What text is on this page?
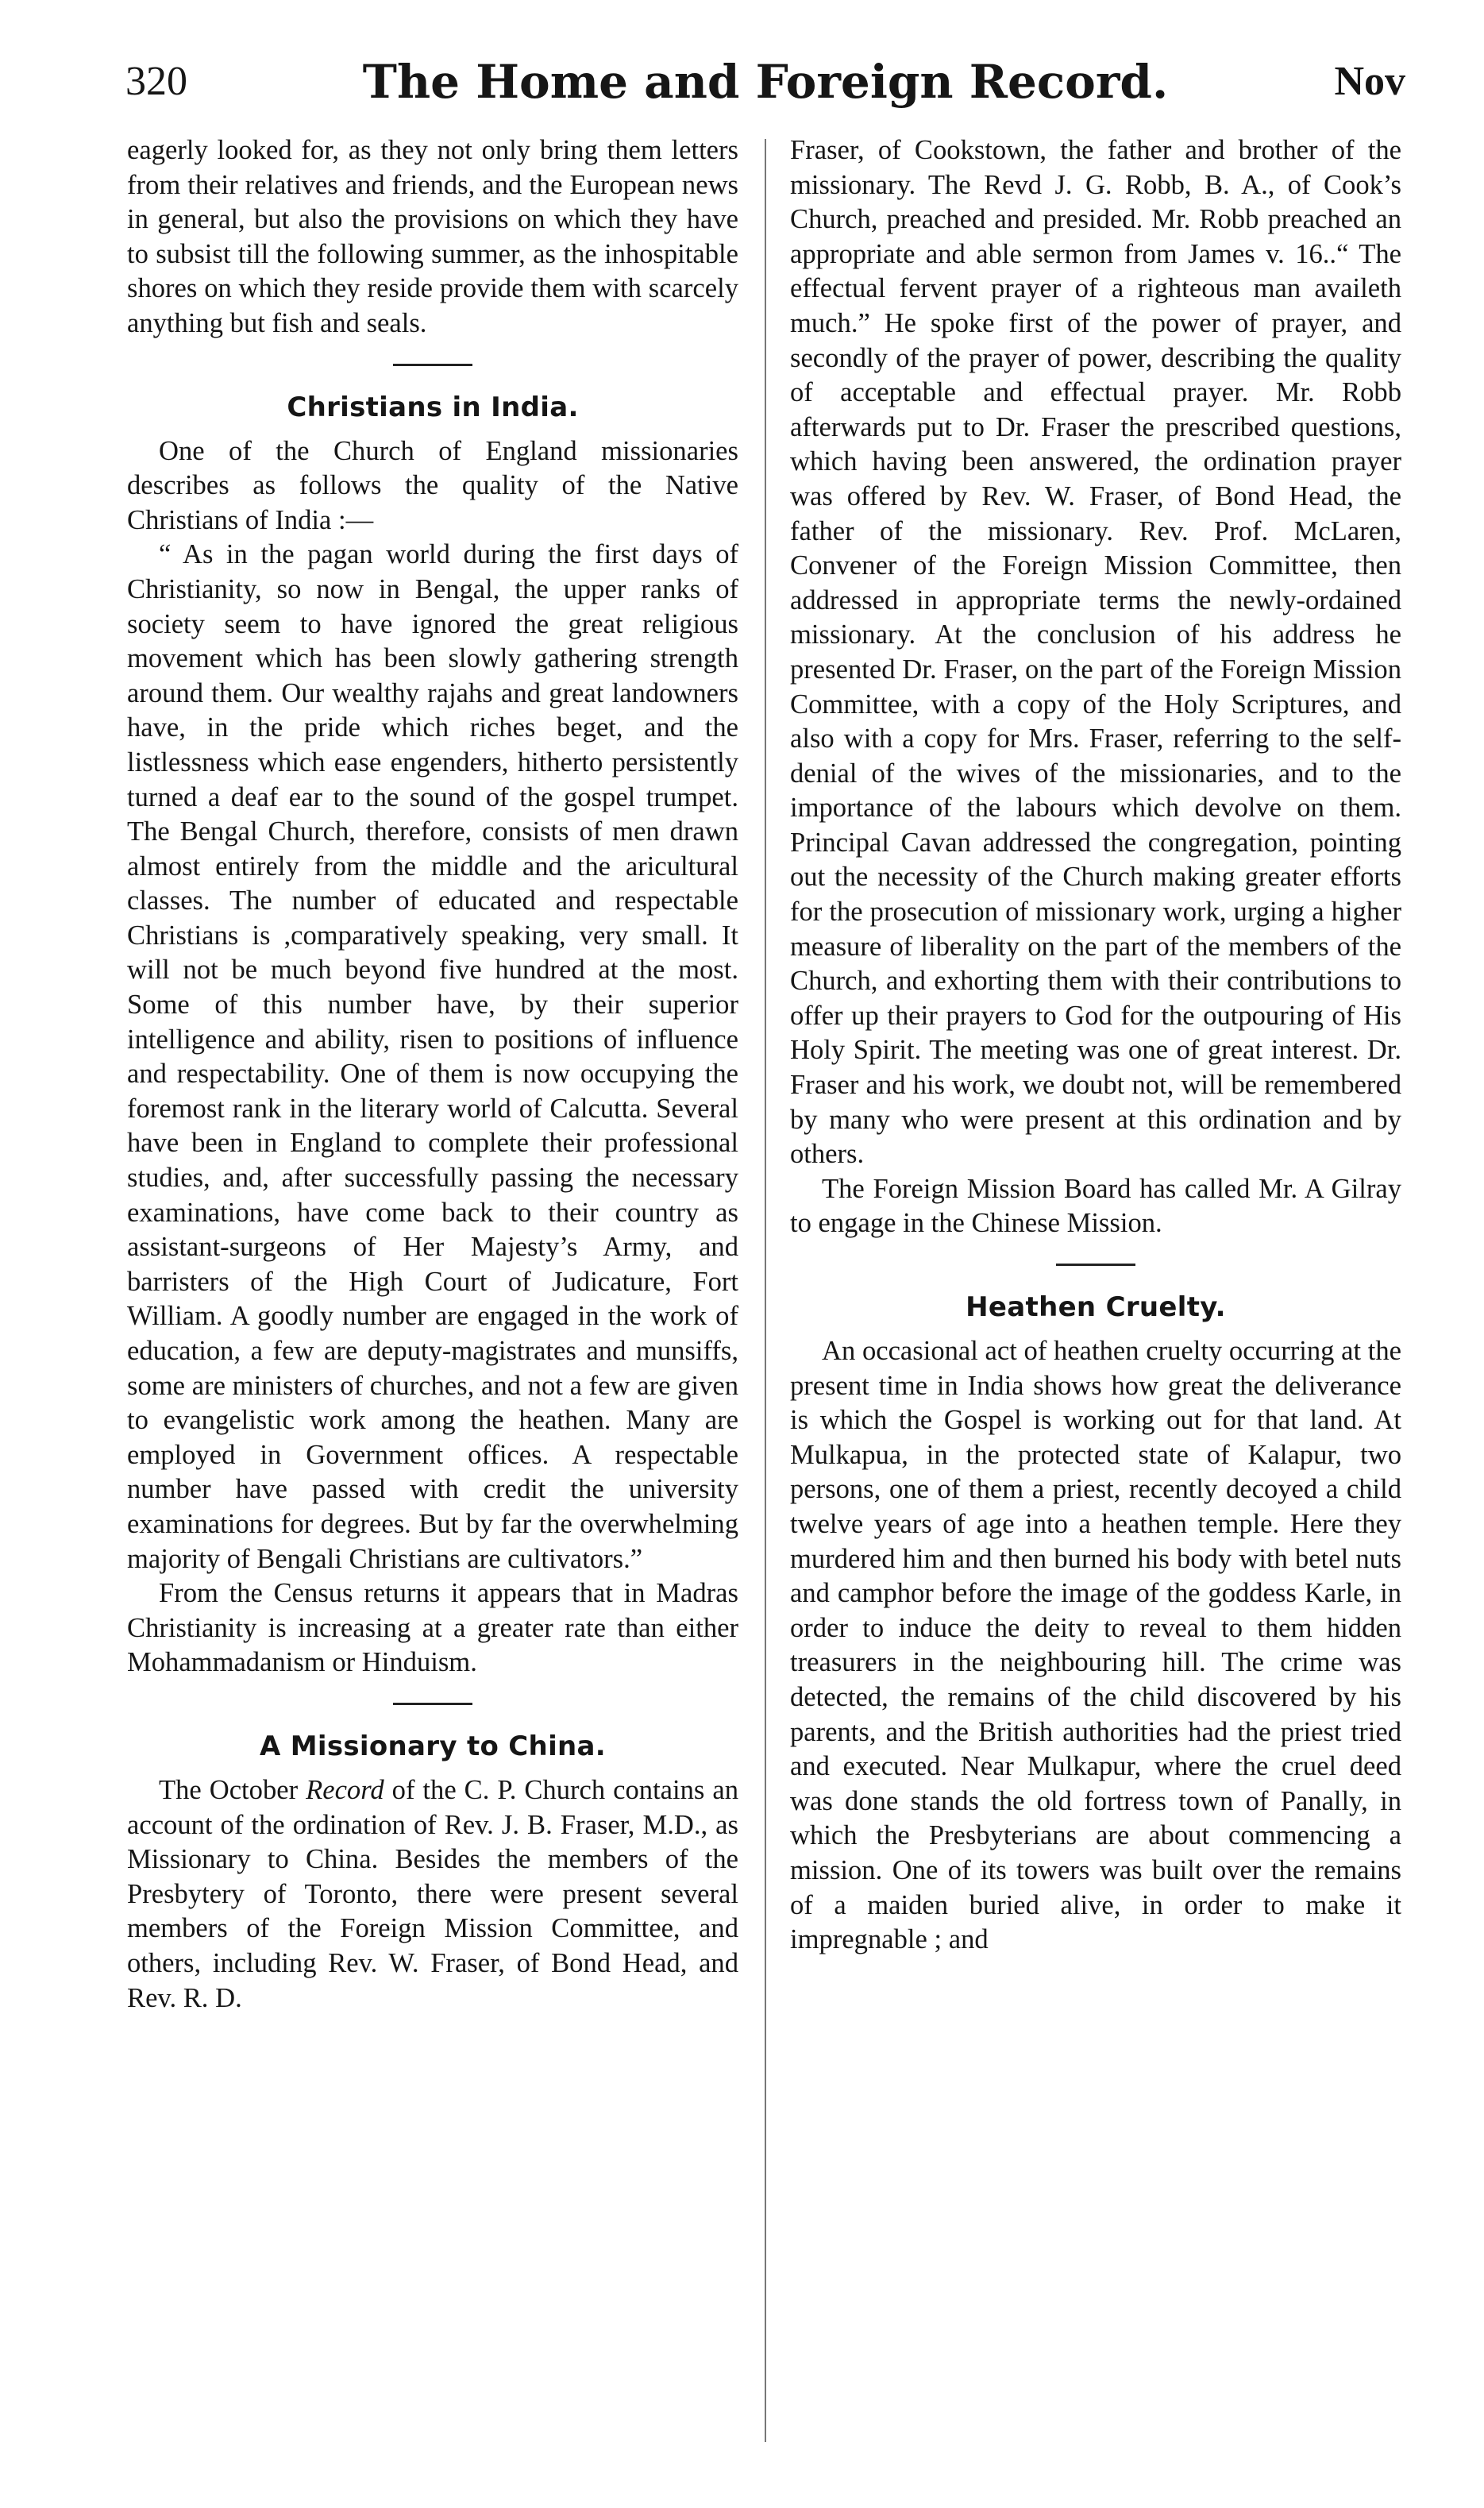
320	The Home and Foreign Record.	Nov

eagerly looked for, as they not only bring them letters from their relatives and friends, and the European news in general, but also the provisions on which they have to subsist till the following summer, as the inhospitable shores on which they reside provide them with scarcely anything but fish and seals.

Christians in India.

One of the Church of England missionaries describes as follows the quality of the Native Christians of India :—

“ As in the pagan world during the first days of Christianity, so now in Bengal, the upper ranks of society seem to have ignored the great religious movement which has been slowly gathering strength around them. Our wealthy rajahs and great landowners have, in the pride which riches beget, and the listlessness which ease engenders, hitherto persistently turned a deaf ear to the sound of the gospel trumpet. The Bengal Church, therefore, consists of men drawn almost entirely from the middle and the aricultural classes. The number of educated and respectable Christians is ,comparatively speaking, very small. It will not be much beyond five hundred at the most. Some of this number have, by their superior intelligence and ability, risen to positions of influence and respectability. One of them is now occupying the foremost rank in the literary world of Calcutta. Several have been in England to complete their professional studies, and, after successfully passing the necessary examinations, have come back to their country as assistant-surgeons of Her Majesty’s Army, and barristers of the High Court of Judicature, Fort William. A goodly number are engaged in the work of education, a few are deputy-magistrates and munsiffs, some are ministers of churches, and not a few are given to evangelistic work among the heathen. Many are employed in Government offices. A respectable number have passed with credit the university examinations for degrees. But by far the overwhelming majority of Bengali Christians are cultivators.”

From the Census returns it appears that in Madras Christianity is increasing at a greater rate than either Mohammadanism or Hinduism.

A Missionary to China.

The October Record of the C. P. Church contains an account of the ordination of Rev. J. B. Fraser, M.D., as Missionary to China. Besides the members of the Presbytery of Toronto, there were present several members of the Foreign Mission Committee, and others, including Rev. W. Fraser, of Bond Head, and Rev. R. D.

Fraser, of Cookstown, the father and brother of the missionary. The Revd J. G. Robb, B. A., of Cook’s Church, preached and presided. Mr. Robb preached an appropriate and able sermon from James v. 16..“ The effectual fervent prayer of a righteous man availeth much.” He spoke first of the power of prayer, and secondly of the prayer of power, describing the quality of acceptable and effectual prayer. Mr. Robb afterwards put to Dr. Fraser the prescribed questions, which having been answered, the ordination prayer was offered by Rev. W. Fraser, of Bond Head, the father of the missionary. Rev. Prof. McLaren, Convener of the Foreign Mission Committee, then addressed in appropriate terms the newly-ordained missionary. At the conclusion of his address he presented Dr. Fraser, on the part of the Foreign Mission Committee, with a copy of the Holy Scriptures, and also with a copy for Mrs. Fraser, referring to the self-denial of the wives of the missionaries, and to the importance of the labours which devolve on them. Principal Cavan addressed the congregation, pointing out the necessity of the Church making greater efforts for the prosecution of missionary work, urging a higher measure of liberality on the part of the members of the Church, and exhorting them with their contributions to offer up their prayers to God for the outpouring of His Holy Spirit. The meeting was one of great interest. Dr. Fraser and his work, we doubt not, will be remembered by many who were present at this ordination and by others.

The Foreign Mission Board has called Mr. A Gilray to engage in the Chinese Mission.

Heathen Cruelty.

An occasional act of heathen cruelty occurring at the present time in India shows how great the deliverance is which the Gospel is working out for that land. At Mulkapua, in the protected state of Kalapur, two persons, one of them a priest, recently decoyed a child twelve years of age into a heathen temple. Here they murdered him and then burned his body with betel nuts and camphor before the image of the goddess Karle, in order to induce the deity to reveal to them hidden treasurers in the neighbouring hill. The crime was detected, the remains of the child discovered by his parents, and the British authorities had the priest tried and executed. Near Mulkapur, where the cruel deed was done stands the old fortress town of Panally, in which the Presbyterians are about commencing a mission. One of its towers was built over the remains of a maiden buried alive, in order to make it impregnable ; and
